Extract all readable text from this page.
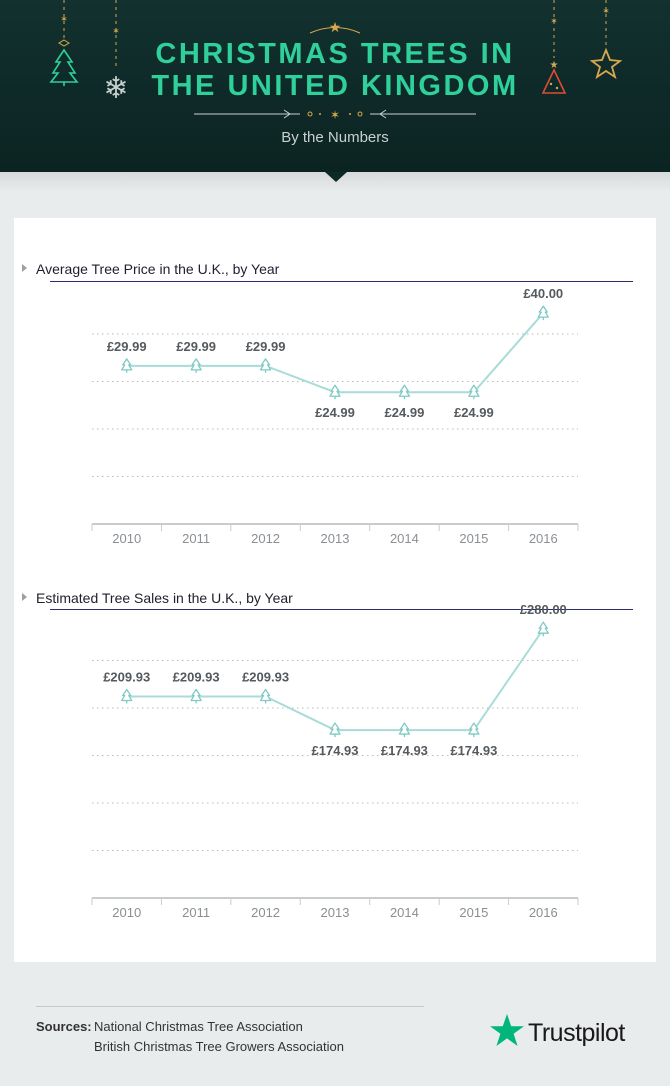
✶
✶
❄
✶
★
✶
★
✶
CHRISTMAS TREES IN
THE UNITED KINGDOM
By the Numbers
Average Tree Price in the U.K., by Year
2010	2011	2012	2013	2014	2015	2016
£29.99 £29.99 £29.99
£24.99 £24.99 £24.99
£40.00
Estimated Tree Sales in the U.K., by Year
2010	2011	2012	2013	2014	2015	2016
£209.93 £209.93 £209.93
£174.93 £174.93 £174.93
£280.00
Sources: National Christmas Tree Association
British Christmas Tree Growers Association	Trustpilot
